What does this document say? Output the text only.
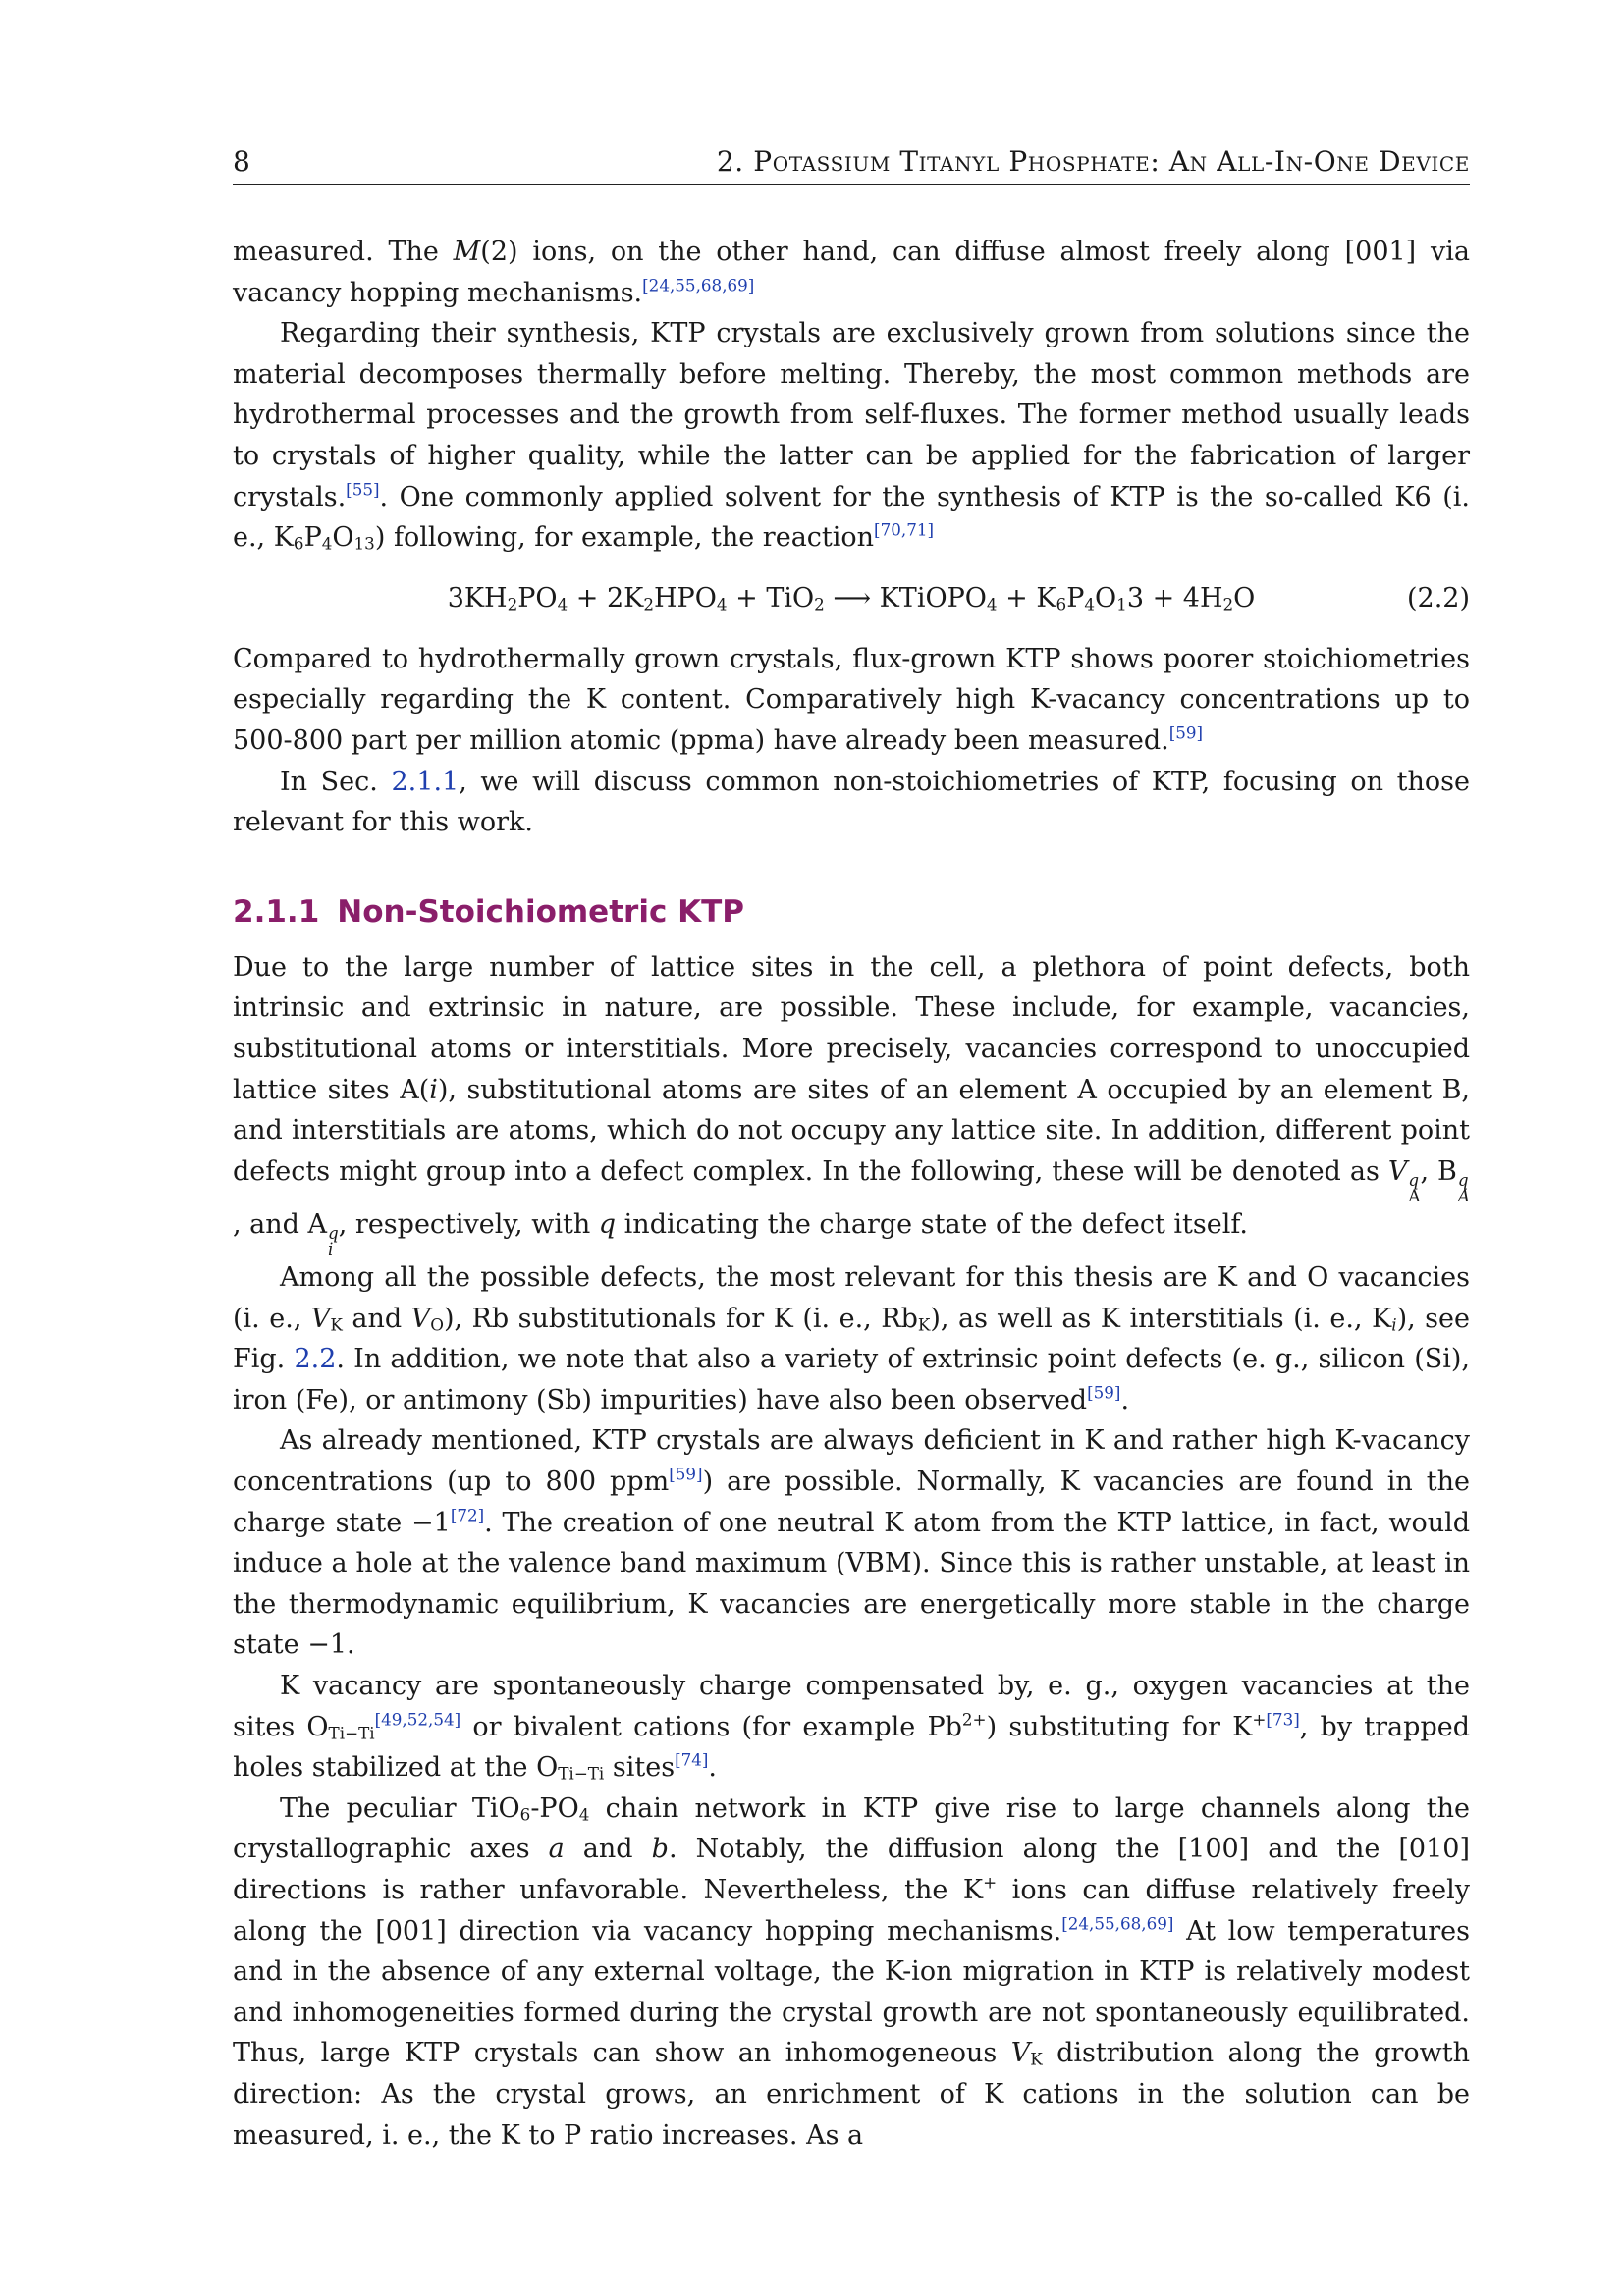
8	2. Potassium Titanyl Phosphate: An All-In-One Device

measured. The M(2) ions, on the other hand, can diffuse almost freely along [001] via vacancy hopping mechanisms.[24,55,68,69]

Regarding their synthesis, KTP crystals are exclusively grown from solutions since the material decomposes thermally before melting. Thereby, the most common methods are hydrothermal processes and the growth from self-fluxes. The former method usually leads to crystals of higher quality, while the latter can be applied for the fabrication of larger crystals.[55]. One commonly applied solvent for the synthesis of KTP is the so-called K6 (i. e., $K_6P_4O_{13}$) following, for example, the reaction[70,71]

$3KH_2PO_4 + 2K_2HPO_4 + TiO_2$ ⟶ KTiOPO$_4$ + $K_6P_4O_13 + 4H_2O$	(2.2)

Compared to hydrothermally grown crystals, flux-grown KTP shows poorer stoichiometries especially regarding the K content. Comparatively high K-vacancy concentrations up to 500-800 part per million atomic (ppma) have already been measured.[59]

In Sec. 2.1.1, we will discuss common non-stoichiometries of KTP, focusing on those relevant for this work.

2.1.1 Non-Stoichiometric KTP

Due to the large number of lattice sites in the cell, a plethora of point defects, both intrinsic and extrinsic in nature, are possible. These include, for example, vacancies, substitutional atoms or interstitials. More precisely, vacancies correspond to unoccupied lattice sites A(i), substitutional atoms are sites of an element A occupied by an element B, and interstitials are atoms, which do not occupy any lattice site. In addition, different point defects might group into a defect complex. In the following, these will be denoted as V q
A
, B q
A
, and A q
i
, respectively, with q indicating the charge state of the defect itself.

Among all the possible defects, the most relevant for this thesis are K and O vacancies (i. e., $V_K$ and $V_O$), Rb substitutionals for K (i. e., $Rb_K$), as well as K interstitials (i. e., $K_i$), see Fig. 2.2. In addition, we note that also a variety of extrinsic point defects (e. g., silicon (Si), iron (Fe), or antimony (Sb) impurities) have also been observed[59].

As already mentioned, KTP crystals are always deficient in K and rather high K-vacancy concentrations (up to 800 ppm[59]) are possible. Normally, K vacancies are found in the charge state −1[72]. The creation of one neutral K atom from the KTP lattice, in fact, would induce a hole at the valence band maximum (VBM). Since this is rather unstable, at least in the thermodynamic equilibrium, K vacancies are energetically more stable in the charge state −1.

K vacancy are spontaneously charge compensated by, e. g., oxygen vacancies at the sites $O_{Ti-Ti}[49,52,54]$ or bivalent cations (for example $Pb^{2+}$) substituting for K$^{+[73]}$, by trapped holes stabilized at the $O_{Ti-Ti}$ sites[74].

The peculiar $TiO_6-PO_4$ chain network in KTP give rise to large channels along the crystallographic axes a and b. Notably, the diffusion along the [100] and the [010] directions is rather unfavorable. Nevertheless, the K+ ions can diffuse relatively freely along the [001] direction via vacancy hopping mechanisms.[24,55,68,69] At low temperatures and in the absence of any external voltage, the K-ion migration in KTP is relatively modest and inhomogeneities formed during the crystal growth are not spontaneously equilibrated. Thus, large KTP crystals can show an inhomogeneous $V_K$ distribution along the growth direction: As the crystal grows, an enrichment of K cations in the solution can be measured, i. e., the K to P ratio increases. As a
